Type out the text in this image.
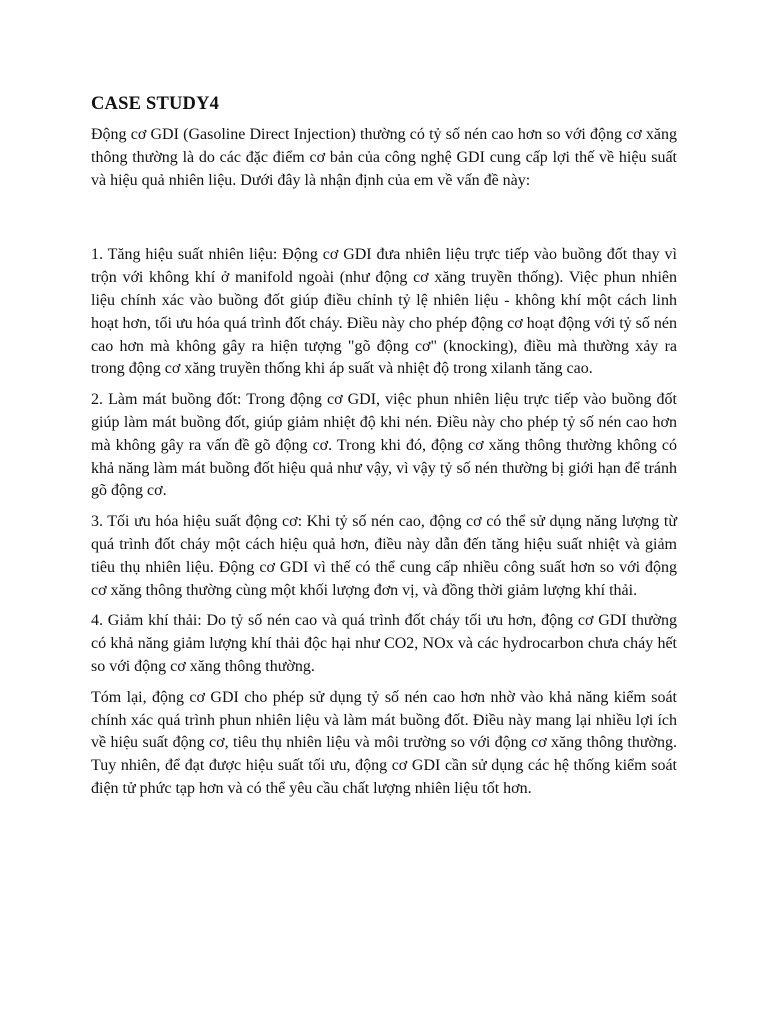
CASE STUDY4

Động cơ GDI (Gasoline Direct Injection) thường có tỷ số nén cao hơn so với động cơ xăng thông thường là do các đặc điểm cơ bản của công nghệ GDI cung cấp lợi thế về hiệu suất và hiệu quả nhiên liệu. Dưới đây là nhận định của em về vấn đề này:

1. Tăng hiệu suất nhiên liệu: Động cơ GDI đưa nhiên liệu trực tiếp vào buồng đốt thay vì trộn với không khí ở manifold ngoài (như động cơ xăng truyền thống). Việc phun nhiên liệu chính xác vào buồng đốt giúp điều chỉnh tỷ lệ nhiên liệu - không khí một cách linh hoạt hơn, tối ưu hóa quá trình đốt cháy. Điều này cho phép động cơ hoạt động với tỷ số nén cao hơn mà không gây ra hiện tượng "gõ động cơ" (knocking), điều mà thường xảy ra trong động cơ xăng truyền thống khi áp suất và nhiệt độ trong xilanh tăng cao.

2. Làm mát buồng đốt: Trong động cơ GDI, việc phun nhiên liệu trực tiếp vào buồng đốt giúp làm mát buồng đốt, giúp giảm nhiệt độ khi nén. Điều này cho phép tỷ số nén cao hơn mà không gây ra vấn đề gõ động cơ. Trong khi đó, động cơ xăng thông thường không có khả năng làm mát buồng đốt hiệu quả như vậy, vì vậy tỷ số nén thường bị giới hạn để tránh gõ động cơ.

3. Tối ưu hóa hiệu suất động cơ: Khi tỷ số nén cao, động cơ có thể sử dụng năng lượng từ quá trình đốt cháy một cách hiệu quả hơn, điều này dẫn đến tăng hiệu suất nhiệt và giảm tiêu thụ nhiên liệu. Động cơ GDI vì thế có thể cung cấp nhiều công suất hơn so với động cơ xăng thông thường cùng một khối lượng đơn vị, và đồng thời giảm lượng khí thải.

4. Giảm khí thải: Do tỷ số nén cao và quá trình đốt cháy tối ưu hơn, động cơ GDI thường có khả năng giảm lượng khí thải độc hại như CO2, NOx và các hydrocarbon chưa cháy hết so với động cơ xăng thông thường.

Tóm lại, động cơ GDI cho phép sử dụng tỷ số nén cao hơn nhờ vào khả năng kiểm soát chính xác quá trình phun nhiên liệu và làm mát buồng đốt. Điều này mang lại nhiều lợi ích về hiệu suất động cơ, tiêu thụ nhiên liệu và môi trường so với động cơ xăng thông thường. Tuy nhiên, để đạt được hiệu suất tối ưu, động cơ GDI cần sử dụng các hệ thống kiểm soát điện tử phức tạp hơn và có thể yêu cầu chất lượng nhiên liệu tốt hơn.
